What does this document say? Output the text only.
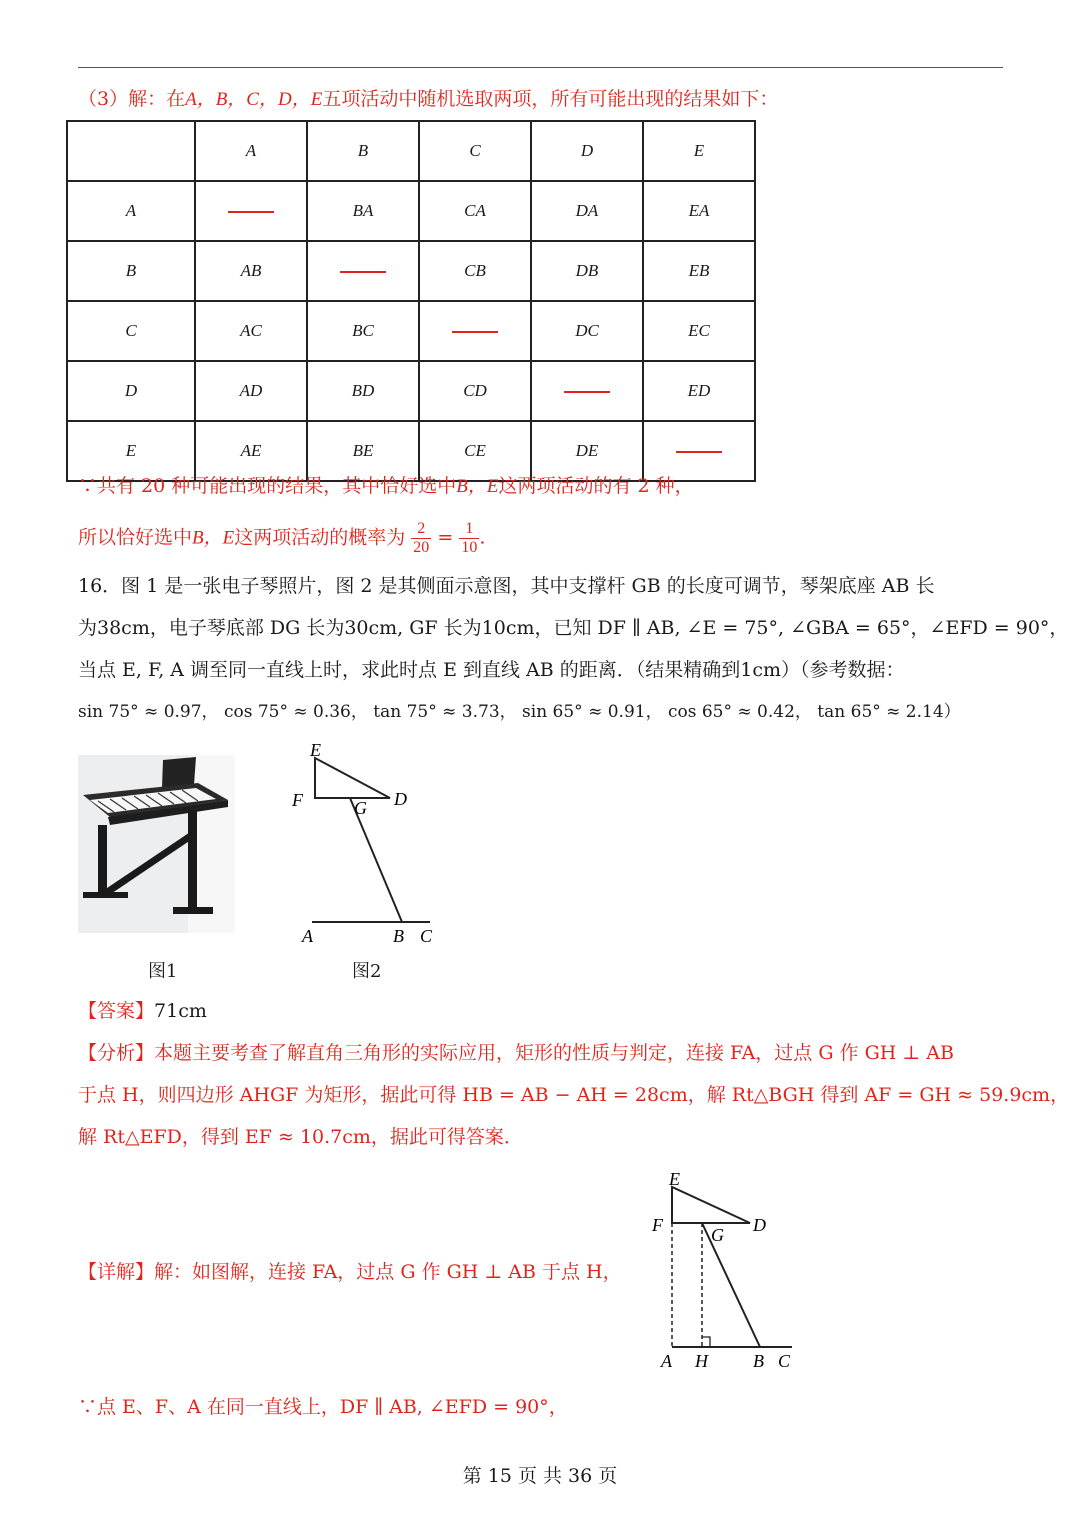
（3）解：在A，B，C，D，E五项活动中随机选取两项，所有可能出现的结果如下：
	A	B	C	D	E
A		BA	CA	DA	EA
B	AB		CB	DB	EB
C	AC	BC		DC	EC
D	AD	BD	CD		ED
E	AE	BE	CE	DE	
∵共有 20 种可能出现的结果，其中恰好选中B，E这两项活动的有 2 种，
所以恰好选中B，E这两项活动的概率为 $\frac{2}{20} = \frac{1}{10}$ .
16．图 1 是一张电子琴照片，图 2 是其侧面示意图，其中支撑杆 GB 的长度可调节，琴架底座 AB 长
为38cm，电子琴底部 DG 长为30cm, GF 长为10cm，已知 DF ∥ AB, ∠E = 75°, ∠GBA = 65°，∠EFD = 90°，
当点 E, F, A 调至同一直线上时，求此时点 E 到直线 AB 的距离．（结果精确到1cm）（参考数据：
sin 75° ≈ 0.97， cos 75° ≈ 0.36， tan 75° ≈ 3.73， sin 65° ≈ 0.91， cos 65° ≈ 0.42， tan 65° ≈ 2.14）
图1
E
F	G D
A	B C
图2
【答案】71cm
【分析】本题主要考查了解直角三角形的实际应用，矩形的性质与判定，连接 FA，过点 G 作 GH ⊥ AB
于点 H，则四边形 AHGF 为矩形，据此可得 HB = AB − AH = 28cm，解 Rt△BGH 得到 AF = GH ≈ 59.9cm，
解 Rt△EFD，得到 EF ≈ 10.7cm，据此可得答案．
【详解】解：如图解，连接 FA，过点 G 作 GH ⊥ AB 于点 H，
E
F	G D
A H	B C
∵点 E、F、A 在同一直线上，DF ∥ AB, ∠EFD = 90°，
第 15 页 共 36 页
